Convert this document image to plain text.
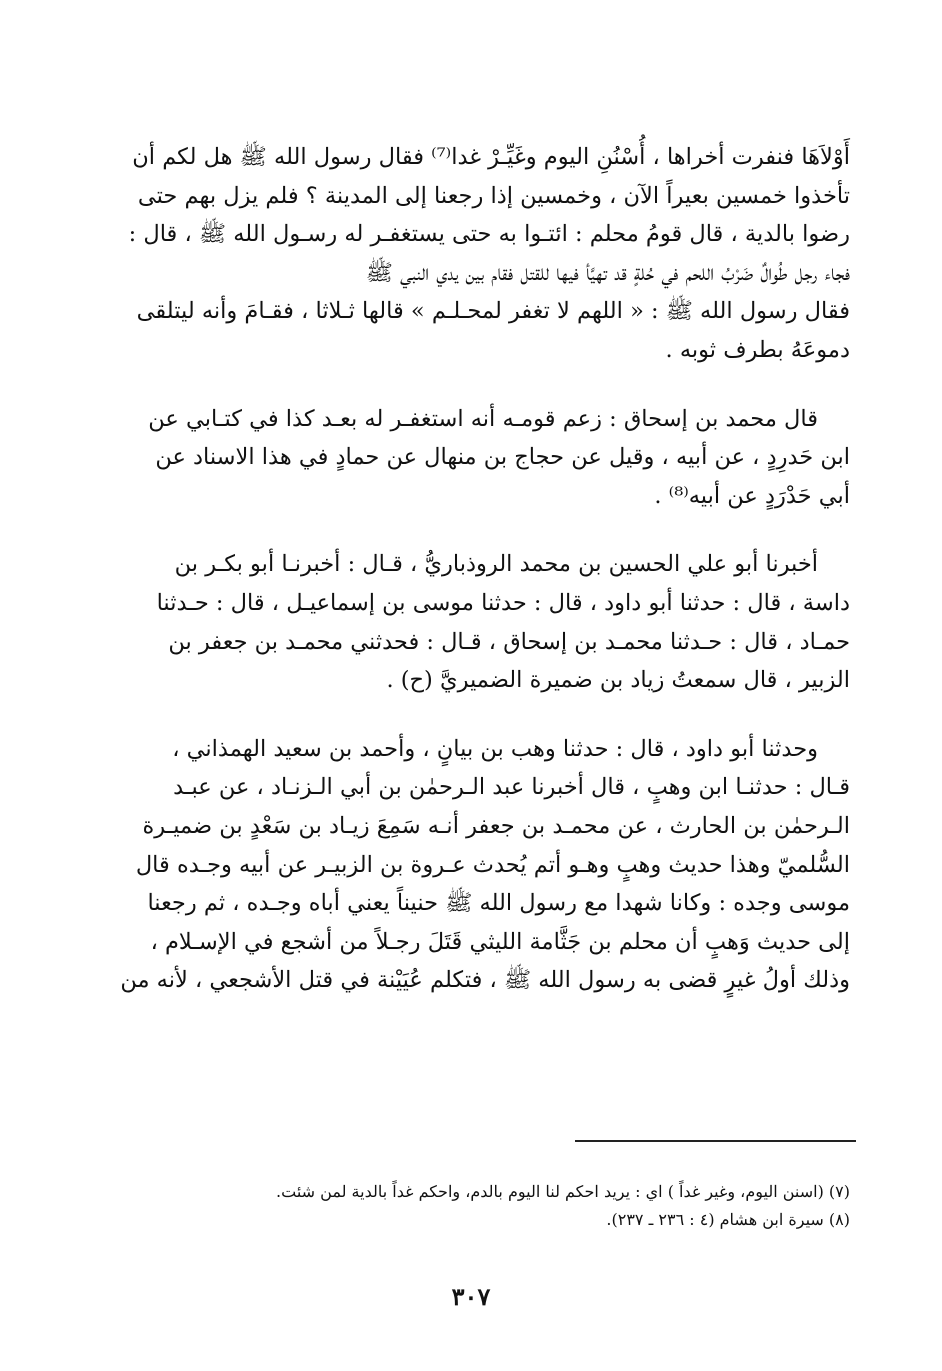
أَوْلاَهَا فنفرت أخراها ، أُسْنُنِ اليوم وغَيِّـرْ غدا⁽⁷⁾ فقال رسول الله ﷺ هل لكم أن
تأخذوا خمسين بعيراً الآن ، وخمسين إذا رجعنا إلى المدينة ؟ فلم يزل بهم حتى
رضوا بالدية ، قال قومُ محلم : ائتـوا به حتى يستغفـر له رسـول الله ﷺ ، قال :
فجاء رجل طُوالٌ ضَرْبُ اللحم في حُلةٍ قد تهيَّأ فيها للقتل فقام بين يدي النبي ﷺ
فقال رسول الله ﷺ : « اللهم لا تغفر لمحـلـم » قالها ثـلاثا ، فقـامَ وأنه ليتلقى
دموعَهُ بطرف ثوبه .

قال محمد بن إسحاق : زعم قومـه أنه استغفـر له بعـد كذا في كتـابي عن
ابن حَدرِدٍ ، عن أبيه ، وقيل عن حجاج بن منهال عن حمادٍ في هذا الاسناد عن
أبي حَدْرَدٍ عن أبيه⁽⁸⁾ .

أخبرنا أبو علي الحسين بن محمد الروذباريُّ ، قـال : أخبرنـا أبو بكـر بن
داسة ، قال : حدثنا أبو داود ، قال : حدثنا موسى بن إسماعيـل ، قال : حـدثنا
حمـاد ، قال : حـدثنا محمـد بن إسحاق ، قـال : فحدثني محمـد بن جعفر بن
الزبير ، قال سمعتُ زياد بن ضميرة الضميريَّ (ح) .

وحدثنا أبو داود ، قال : حدثنا وهب بن بيانٍ ، وأحمد بن سعيد الهمذاني ،
قـال : حدثنـا ابن وهبٍ ، قال أخبرنا عبد الـرحمٰن بن أبي الـزنـاد ، عن عبـد
الـرحمٰن بن الحارث ، عن محمـد بن جعفر أنـه سَمِعَ زيـاد بن سَعْدٍ بن ضميـرة
السُّلميّ وهذا حديث وهبٍ وهـو أتم يُحدث عـروة بن الزبيـر عن أبيه وجـده قال
موسى وجده : وكانا شهدا مع رسول الله ﷺ حنيناً يعني أباه وجـده ، ثم رجعنا
إلى حديث وَهبٍ أن محلم بن جَثَّامة الليثي قَتَلَ رجـلاً من أشجع في الإسـلام ،
وذلك أولُ غيرٍ قضى به رسول الله ﷺ ، فتكلم عُيَيْنة في قتل الأشجعي ، لأنه من

(٧) (اسنن اليوم، وغير غداً ) اي : يريد احكم لنا اليوم بالدم، واحكم غداً بالدية لمن شئت.
(٨) سيرة ابن هشام (٤ : ٢٣٦ ـ ٢٣٧).
٣٠٧
